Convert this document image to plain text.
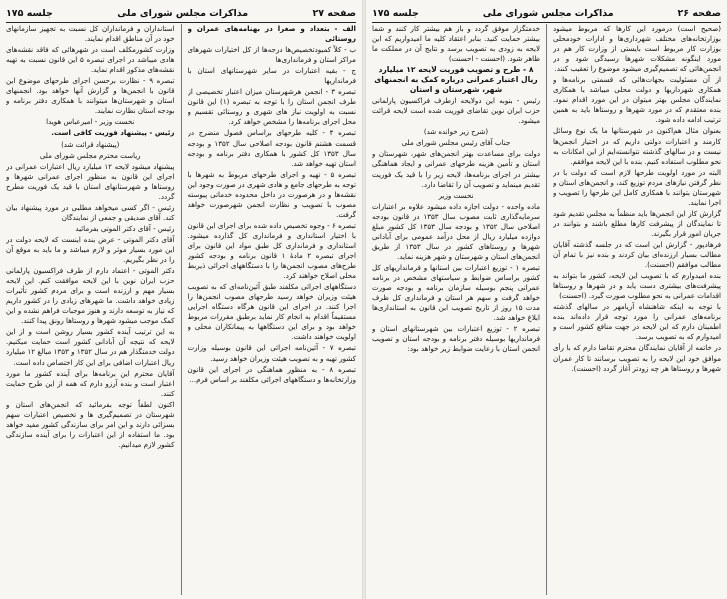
صفحه ۲۷
مذاکرات مجلس شورای ملی
جلسه ۱۷۵

الف - بتعداد و صغرا در بهنامه‌های عمران و روستائی

ب - کلاً کمبودتخصیص‌ها درجه‌ها از کل اختیارات شهرهای مراکز استان و فرمانداری‌ها

ج - بقیه اعتبارات در سایر شهرستانهای استان با فرمانداریها

تبصره ۳ - انجمن هرشهرستان میزان اعتبار تخصیصی از طرف انجمن استان را با توجه به تبصره (۱) این قانون نسبت به اولویت نیاز های شهری و روستائی تقسیم و محل اجرای برنامه‌ها را مشخص خواهد کرد.

تبصره ۴ - کلیه طرحهای براساس فصول منضرج در قسمت هشتم قانون بودجه اصلاحی سال ۱۳۵۲ و بودجه سال ۱۳۵۳ کل کشور با همکاری دفتر برنامه و بودجه استان تهیه خواهد شد.

تبصره ۵ - تهیه و اجرای طرحهای مربوط به شهرها با توجه به طرحهای جامع و هادی شهری در صورت وجود این نقشه‌ها و در هرصورت در داخل محدوده خدماتی پیوسته مصوب با تصویب و نظارت انجمن شهرصورت خواهد گرفت.

تبصره ۶ - وجوه تخصیص داده شده برای اجرای این قانون با اختیار استانداری و فرمانداری کل گذارده میشود. استانداری و فرمانداری کل طبق مواد این قانون برای اجرای تبصره ۲ مادهٔ ۱ قانون برنامه و بودجه کشور طرح‌های مصوب انجمن‌ها را با دستگاههای اجرائی ذیربط محلی اصلاح خواهند کرد.

دستگاههای اجرائی مکلفند طبق آئین‌نامه‌ای که به تصویب هیئت وزیران خواهد رسید طرحهای مصوب انجمن‌ها را اجرا کنند. در اجرای این قانون هرگاه دستگاه اجرایی مستقیماً اقدام به انجام کار نماید برطبق مقررات مربوط خواهد بود و برای این دستگاهها به پیمانکاران محلی و اولویت خواهند داشت.

تبصره ۷ - آئین‌نامه اجرائی این قانون بوسیله وزارت کشور تهیه و به تصویب هیئت وزیران خواهد رسید.

تبصره ۸ - به منظور هماهنگی در اجرای این قانون وزارتخانه‌ها و دستگاههای اجرائی مکلفند بر اساس فرم...

استانداران و فرمانداران کل نسبت به تجهیز سازمانهای خود در آن مناطق اقدام نمایند.

وزارت کشورمکلف است در شهرهائی که فاقد نقشه‌های هادی میباشد در اجرای تبصره ۵ این قانون نسبت به تهیه نقشه‌های مذکور اقدام نماید.

تبصره ۹ - نظارت برحسن اجرای طرحهای موضوع این قانون با انجمن‌ها و گزارش آنها خواهد بود. انجمنهای استان و شهرستان‌ها میتوانند با همکاری دفتر برنامه و بودجه استان نظارت نمایند.

نخست وزیر - امیرعباس هویدا

رئیس - پیشنهاد فوریت کافی است.

(پیشنهاد قرائت شد)

ریاست محترم مجلس شورای ملی

پیشنهاد میشود لایحه ۱۲ میلیارد ریال اعتبارات عمرانی در اجرای این قانون به منظور اجرای عمرانی شهرها و روستاها و شهرستانهای استان با قید یک فوریت مطرح گردد.

رئیس - اگر کسی میخواهد مطلبی در مورد پیشنهاد بیان کند. آقای صدیقی و جمعی از نمایندگان

رئیس - آقای دکتر الموتی بفرمائید

آقای دکتر الموتی - عرض بنده اینست که لایحه دولت در این مورد بسیار موثر و لازم میباشد و ما باید به موقع آن را در نظر بگیریم.

دکتر الموتی - اعتماد دارم از طرف فراکسیون پارلمانی حزب ایران نوین با این لایحه موافقت کنم. این لایحه بسیار مهم و ارزنده است و برای مردم کشور تأثیرات زیادی خواهد داشت. ما شهرهای زیادی را در کشور داریم که نیاز به توسعه دارند و هنوز موجبات فراهم نشده و این کمک موجب میشود شهرها و روستاها رونق پیدا کنند.

به این ترتیب آینده کشور بسیار روشن است و از این لایحه که نتیجه آن آبادانی کشور است حمایت میکنیم. دولت خدمتگذار هم در سال ۱۳۵۲ و ۱۳۵۳ مبالغ ۱۲ میلیارد ریال اعتبارات اضافی برای این کار اختصاص داده است.

آقایان محترم این برنامه‌ها برای آینده کشور ما مورد اعتبار است و بنده آرزو دارم که همه از این طرح حمایت کنند.

اکنون لطفاً توجه بفرمائید که انجمن‌های استان و شهرستان در تصمیم‌گیری ها و تخصیص اعتبارات سهم بسزائی دارند و این امر برای سازندگی کشور مفید خواهد بود. ما استفاده از این اعتبارات را برای آینده سازندگی کشور لازم میدانیم.

صفحه ۲۶
مذاکرات مجلس شورای ملی
جلسه ۱۷۵

(صحیح است) درمورد این کارها که مربوط میشود بوزارتخانه‌های مختلف شهرداری‌ها و ادارات خودمحلی بوزارت کار مربوط است بایستی از وزارت کار هم در مورد اینگونه مشکلات شهرها رسیدگی شود و در انجمن‌هائی که تصمیم‌گیری میشود موضوع را تعقیب کنند.

از آن مسئولیت بجهات‌هائی که قسمتی برنامه‌ها و همکاری شهرداریها و دولت محلی میباشد با همکاری نمایندگان مجلس بهتر میتوان در این مورد اقدام نمود. بنده معتقدم که در مورد شهرها و روستاها باید به همین ترتیب ادامه داده شود.

بعنوان مثال هم‌اکنون در شهرستانها ما یک نوع وسائل کارمند و اعتبارات دولتی داریم که در اختیار انجمن‌ها نیست و در سالهای گذشته نتوانسته‌ایم از این امکانات به نحو مطلوب استفاده کنیم. بنده با این لایحه موافقم.

البته در مورد اولویت طرحها لازم است که دولت با در نظر گرفتن نیازهای مردم توزیع کند، و انجمن‌های استان و شهرستان بتوانند با همکاری کامل این طرحها را تصویب و اجرا نمایند.

گزارش کار این انجمن‌ها باید منظماً به مجلس تقدیم شود تا نمایندگان از پیشرفت کارها مطلع باشند و بتوانند در جریان امور قرار بگیرند.

فرهادپور - گزارش این است که در جلسه گذشته آقایان مطالب بسیار ارزنده‌ای بیان کردند و بنده نیز با تمام آن مطالب موافقم (احسنت).

بنده امیدوارم که با تصویب این لایحه، کشور ما بتواند به پیشرفت‌های بیشتری دست یابد و در شهرها و روستاها اقدامات عمرانی به نحو مطلوب صورت گیرد. (احسنت)

با توجه به اینکه شاهنشاه آریامهر در سالهای گذشته برنامه‌های عمرانی را مورد توجه قرار داده‌اند بنده اطمینان دارم که این لایحه در جهت منافع کشور است و امیدوارم که به تصویب برسد.

در خاتمه از آقایان نمایندگان محترم تقاضا دارم که با رأی موافق خود این لایحه را به تصویب برسانند تا کار عمران شهرها و روستاها هر چه زودتر آغاز گردد (احسنت).

خدمتگزار موفق گردد و باز هم بیشتر کار کنند و شما بیشتر حمایت کنید. بنابر اعتقاد کلیه ما امیدواریم که این لایحه به زودی به تصویب برسد و نتایج آن در مملکت ما ظاهر شود. (احسنت - احسنت)

۸ - طرح و تصویب فوریت لایحه ۱۲ میلیارد ریال اعتبار عمرانی درباره کمک به انجمنهای شهر، شهرستان و استان

رئیس - بنوبه این دولایحه ازطرف فراکسیون پارلمانی حزب ایران نوین تقاضای فوریت شده است لایحه قرائت میشود.

(شرح زیر خوانده شد)

جناب آقای رئیس مجلس شورای ملی

دولت برای مساعدت بهتر انجمن‌های شهر، شهرستان و استان و تأمین هزینه طرحهای عمرانی و ایجاد هماهنگی بیشتر در اجرای برنامه‌ها، لایحه زیر را با قید یک فوریت تقدیم مینماید و تصویب آن را تقاضا دارد.

نخست وزیر

ماده واحده - دولت اجازه داده میشود علاوه بر اعتبارات سرمایه‌گذاری ثابت مصوب سال ۱۳۵۳ در قانون بودجه اصلاحی سال ۱۳۵۲ و بودجه سال ۱۳۵۳ کل کشور مبلغ دوازده میلیارد ریال از محل درآمد عمومی برای آبادانی شهرها و روستاهای کشور در سال ۱۳۵۳ از طریق انجمن‌های استان و شهرستان و شهر هزینه نماید.

تبصره ۱ - توزیع اعتبارات بین استانها و فرمانداریهای کل کشور براساس ضوابط و سیاستهای مشخص در برنامه عمرانی پنجم بوسیله سازمان برنامه و بودجه صورت خواهد گرفت و سهم هر استان و فرمانداری کل ظرف مدت ۱۵ روز از تاریخ تصویب این قانون به استانداری‌ها ابلاغ خواهد شد.

تبصره ۲ - توزیع اعتبارات بین شهرستانهای استان و فرمانداریها بوسیله دفتر برنامه و بودجه استان و تصویب انجمن استان با رعایت ضوابط زیر خواهد بود:
